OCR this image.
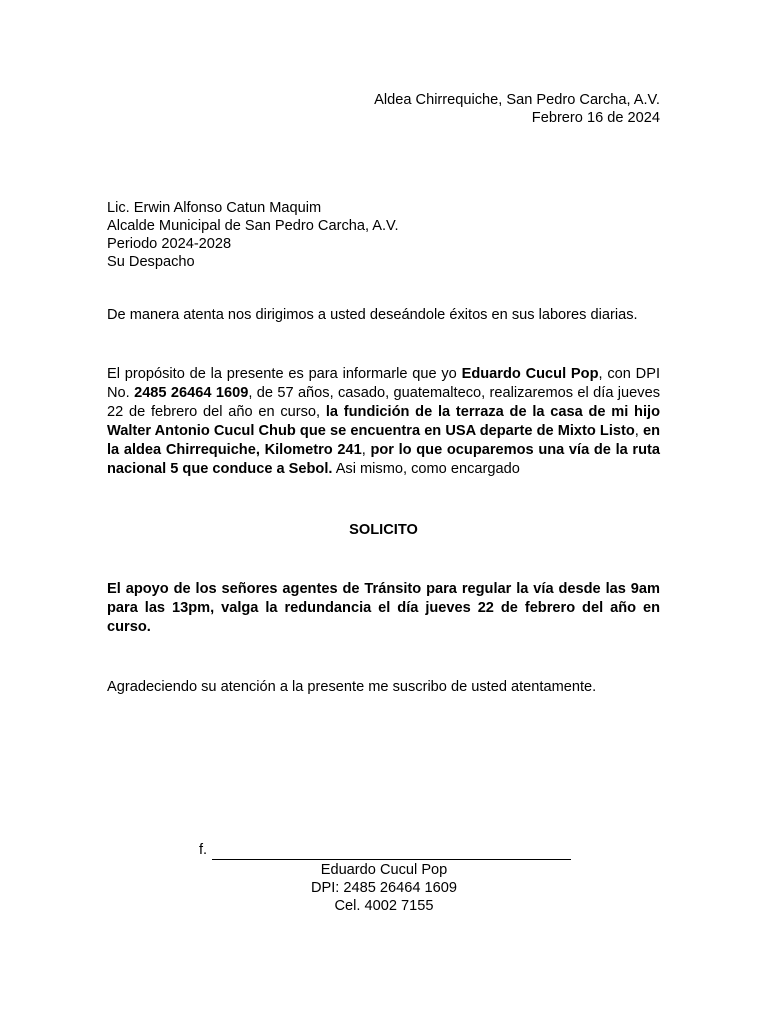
Aldea Chirrequiche, San Pedro Carcha, A.V.
Febrero 16 de 2024
Lic. Erwin Alfonso Catun Maquim
Alcalde Municipal de San Pedro Carcha, A.V.
Periodo 2024-2028
Su Despacho
De manera atenta nos dirigimos a usted deseándole éxitos en sus labores diarias.
El propósito de la presente es para informarle que yo Eduardo Cucul Pop, con DPI No. 2485 26464 1609, de 57 años, casado, guatemalteco, realizaremos el día jueves 22 de febrero del año en curso, la fundición de la terraza de la casa de mi hijo Walter Antonio Cucul Chub que se encuentra en USA departe de Mixto Listo, en la aldea Chirrequiche, Kilometro 241, por lo que ocuparemos una vía de la ruta nacional 5 que conduce a Sebol. Asi mismo, como encargado
SOLICITO
El apoyo de los señores agentes de Tránsito para regular la vía desde las 9am para las 13pm, valga la redundancia el día jueves 22 de febrero del año en curso.
Agradeciendo su atención a la presente me suscribo de usted atentamente.
f.
Eduardo Cucul Pop
DPI: 2485 26464 1609
Cel. 4002 7155
